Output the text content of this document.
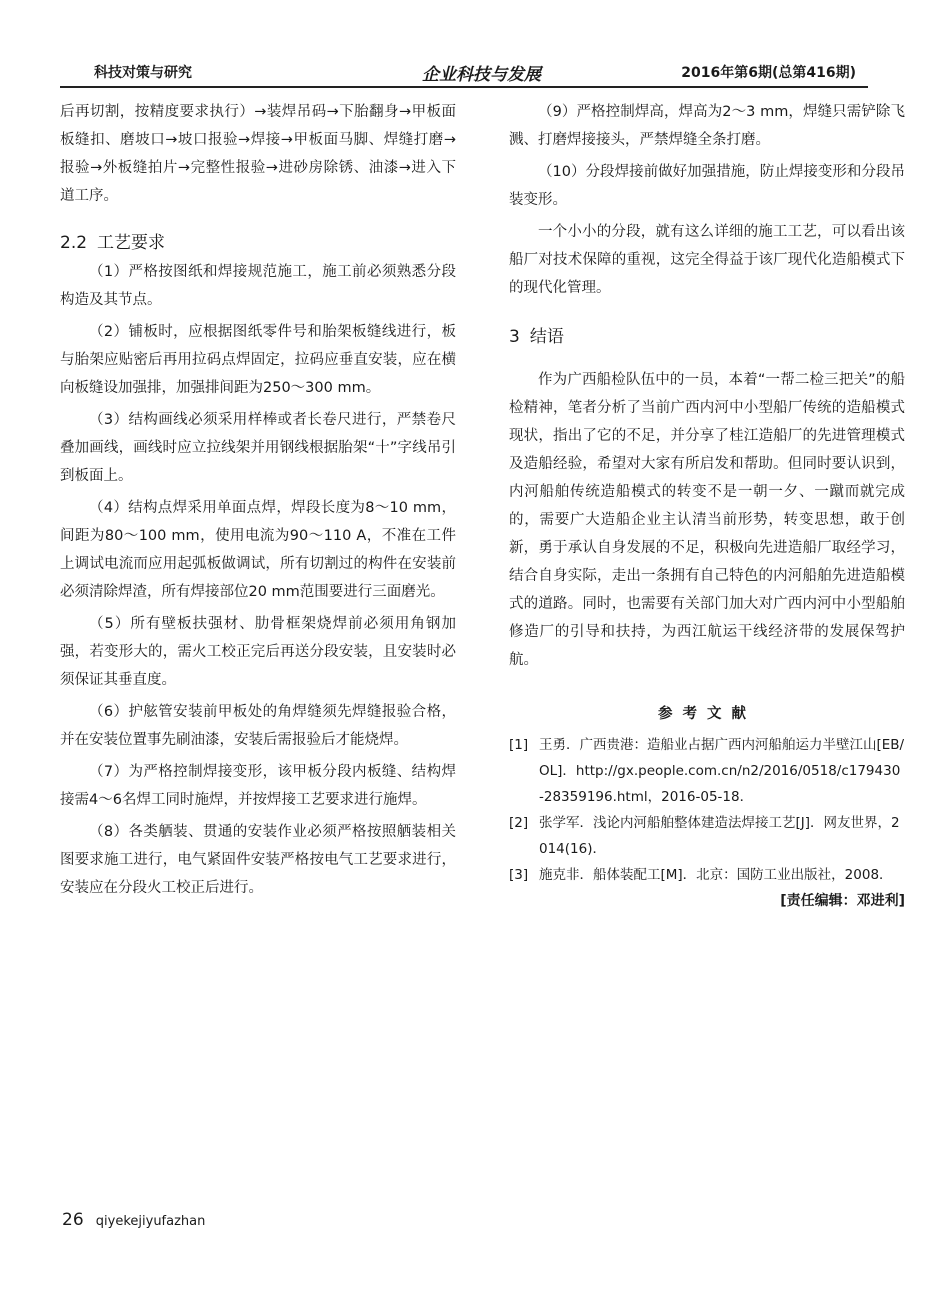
科技对策与研究	企业科技与发展	2016年第6期(总第416期)

后再切割，按精度要求执行）→装焊吊码→下胎翻身→甲板面板缝扣、磨坡口→坡口报验→焊接→甲板面马脚、焊缝打磨→报验→外板缝拍片→完整性报验→进砂房除锈、油漆→进入下道工序。

2.2 工艺要求

（1）严格按图纸和焊接规范施工，施工前必须熟悉分段构造及其节点。

（2）铺板时，应根据图纸零件号和胎架板缝线进行，板与胎架应贴密后再用拉码点焊固定，拉码应垂直安装，应在横向板缝设加强排，加强排间距为250～300 mm。

（3）结构画线必须采用样棒或者长卷尺进行，严禁卷尺叠加画线，画线时应立拉线架并用钢线根据胎架“十”字线吊引到板面上。

（4）结构点焊采用单面点焊，焊段长度为8～10 mm，间距为80～100 mm，使用电流为90～110 A，不准在工件上调试电流而应用起弧板做调试，所有切割过的构件在安装前必须清除焊渣，所有焊接部位20 mm范围要进行三面磨光。

（5）所有壁板扶强材、肋骨框架烧焊前必须用角钢加强，若变形大的，需火工校正完后再送分段安装，且安装时必须保证其垂直度。

（6）护舷管安装前甲板处的角焊缝须先焊缝报验合格，并在安装位置事先刷油漆，安装后需报验后才能烧焊。

（7）为严格控制焊接变形，该甲板分段内板缝、结构焊接需4～6名焊工同时施焊，并按焊接工艺要求进行施焊。

（8）各类舾装、贯通的安装作业必须严格按照舾装相关图要求施工进行，电气紧固件安装严格按电气工艺要求进行，安装应在分段火工校正后进行。

（9）严格控制焊高，焊高为2～3 mm，焊缝只需铲除飞溅、打磨焊接接头，严禁焊缝全条打磨。

（10）分段焊接前做好加强措施，防止焊接变形和分段吊装变形。

一个小小的分段，就有这么详细的施工工艺，可以看出该船厂对技术保障的重视，这完全得益于该厂现代化造船模式下的现代化管理。

3 结语

作为广西船检队伍中的一员，本着“一帮二检三把关”的船检精神，笔者分析了当前广西内河中小型船厂传统的造船模式现状，指出了它的不足，并分享了桂江造船厂的先进管理模式及造船经验，希望对大家有所启发和帮助。但同时要认识到，内河船舶传统造船模式的转变不是一朝一夕、一蹴而就完成的，需要广大造船企业主认清当前形势，转变思想，敢于创新，勇于承认自身发展的不足，积极向先进造船厂取经学习，结合自身实际，走出一条拥有自己特色的内河船舶先进造船模式的道路。同时，也需要有关部门加大对广西内河中小型船舶修造厂的引导和扶持，为西江航运干线经济带的发展保驾护航。

参考文献

[1] 王勇．广西贵港：造船业占据广西内河船舶运力半壁江山[EB/OL]．http://gx.people.com.cn/n2/2016/0518/c179430-28359196.html，2016-05-18．
[2] 张学军．浅论内河船舶整体建造法焊接工艺[J]．网友世界，2014(16)．
[3] 施克非．船体装配工[M]．北京：国防工业出版社，2008．

[责任编辑：邓进利]

26 qiyekejiyufazhan
